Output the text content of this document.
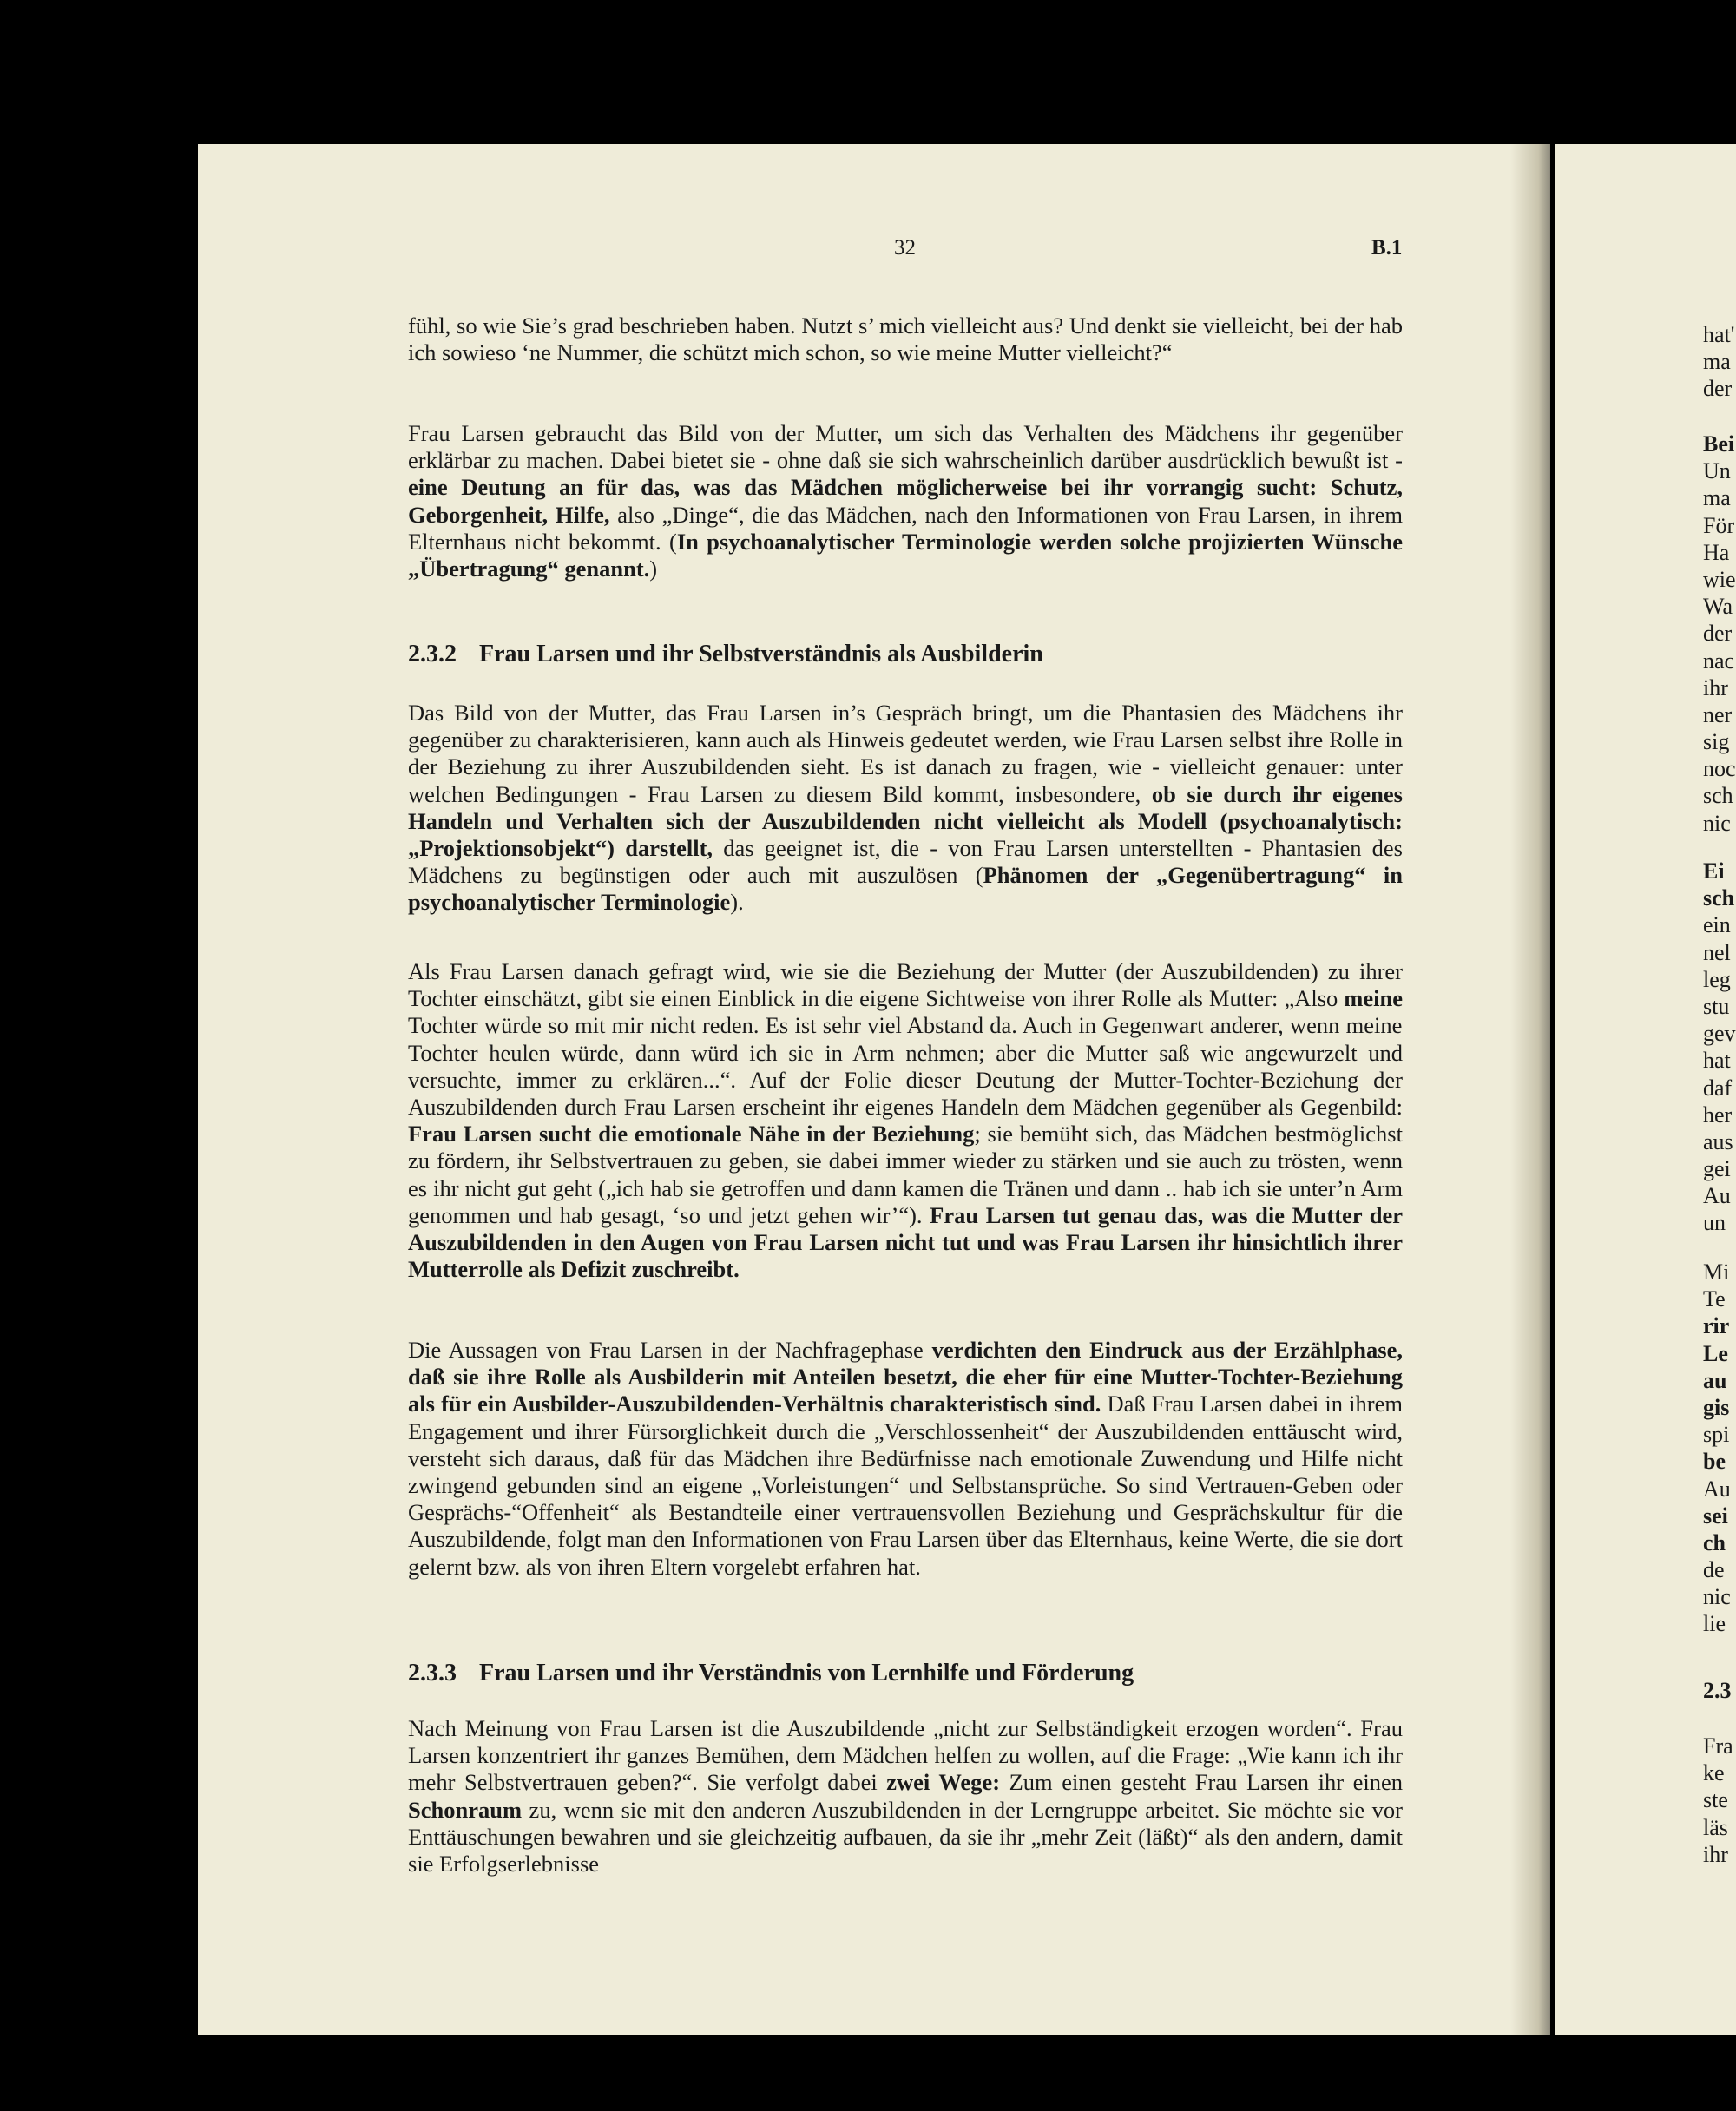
32	B.1

fühl, so wie Sie’s grad beschrieben haben. Nutzt s’ mich vielleicht aus? Und denkt sie vielleicht, bei der hab ich sowieso ‘ne Nummer, die schützt mich schon, so wie meine Mutter vielleicht?“

Frau Larsen gebraucht das Bild von der Mutter, um sich das Verhalten des Mädchens ihr gegenüber erklärbar zu machen. Dabei bietet sie - ohne daß sie sich wahrscheinlich darüber ausdrücklich bewußt ist - eine Deutung an für das, was das Mädchen möglicherweise bei ihr vorrangig sucht: Schutz, Geborgenheit, Hilfe, also „Dinge“, die das Mädchen, nach den Informationen von Frau Larsen, in ihrem Elternhaus nicht bekommt. (In psychoanalytischer Terminologie werden solche projizierten Wünsche „Übertragung“ genannt.)

2.3.2 Frau Larsen und ihr Selbstverständnis als Ausbilderin

Das Bild von der Mutter, das Frau Larsen in’s Gespräch bringt, um die Phantasien des Mädchens ihr gegenüber zu charakterisieren, kann auch als Hinweis gedeutet werden, wie Frau Larsen selbst ihre Rolle in der Beziehung zu ihrer Auszubildenden sieht. Es ist danach zu fragen, wie - vielleicht genauer: unter welchen Bedingungen - Frau Larsen zu diesem Bild kommt, insbesondere, ob sie durch ihr eigenes Handeln und Verhalten sich der Auszubildenden nicht vielleicht als Modell (psychoanalytisch: „Projektionsobjekt“) darstellt, das geeignet ist, die - von Frau Larsen unterstellten - Phantasien des Mädchens zu begünstigen oder auch mit auszulösen (Phänomen der „Gegenübertragung“ in psychoanalytischer Terminologie).

Als Frau Larsen danach gefragt wird, wie sie die Beziehung der Mutter (der Auszubildenden) zu ihrer Tochter einschätzt, gibt sie einen Einblick in die eigene Sichtweise von ihrer Rolle als Mutter: „Also meine Tochter würde so mit mir nicht reden. Es ist sehr viel Abstand da. Auch in Gegenwart anderer, wenn meine Tochter heulen würde, dann würd ich sie in Arm nehmen; aber die Mutter saß wie angewurzelt und versuchte, immer zu erklären...“. Auf der Folie dieser Deutung der Mutter-Tochter-Beziehung der Auszubildenden durch Frau Larsen erscheint ihr eigenes Handeln dem Mädchen gegenüber als Gegenbild: Frau Larsen sucht die emotionale Nähe in der Beziehung; sie bemüht sich, das Mädchen bestmöglichst zu fördern, ihr Selbstvertrauen zu geben, sie dabei immer wieder zu stärken und sie auch zu trösten, wenn es ihr nicht gut geht („ich hab sie getroffen und dann kamen die Tränen und dann .. hab ich sie unter’n Arm genommen und hab gesagt, ‘so und jetzt gehen wir’“). Frau Larsen tut genau das, was die Mutter der Auszubildenden in den Augen von Frau Larsen nicht tut und was Frau Larsen ihr hinsichtlich ihrer Mutterrolle als Defizit zuschreibt.

Die Aussagen von Frau Larsen in der Nachfragephase verdichten den Eindruck aus der Erzählphase, daß sie ihre Rolle als Ausbilderin mit Anteilen besetzt, die eher für eine Mutter-Tochter-Beziehung als für ein Ausbilder-Auszubildenden-Verhältnis charakteristisch sind. Daß Frau Larsen dabei in ihrem Engagement und ihrer Fürsorglichkeit durch die „Verschlossenheit“ der Auszubildenden enttäuscht wird, versteht sich daraus, daß für das Mädchen ihre Bedürfnisse nach emotionale Zuwendung und Hilfe nicht zwingend gebunden sind an eigene „Vorleistungen“ und Selbstansprüche. So sind Vertrauen-Geben oder Gesprächs-“Offenheit“ als Bestandteile einer vertrauensvollen Beziehung und Gesprächskultur für die Auszubildende, folgt man den Informationen von Frau Larsen über das Elternhaus, keine Werte, die sie dort gelernt bzw. als von ihren Eltern vorgelebt erfahren hat.

2.3.3 Frau Larsen und ihr Verständnis von Lernhilfe und Förderung

Nach Meinung von Frau Larsen ist die Auszubildende „nicht zur Selbständigkeit erzogen worden“. Frau Larsen konzentriert ihr ganzes Bemühen, dem Mädchen helfen zu wollen, auf die Frage: „Wie kann ich ihr mehr Selbstvertrauen geben?“. Sie verfolgt dabei zwei Wege: Zum einen gesteht Frau Larsen ihr einen Schonraum zu, wenn sie mit den anderen Auszubildenden in der Lerngruppe arbeitet. Sie möchte sie vor Enttäuschungen bewahren und sie gleichzeitig aufbauen, da sie ihr „mehr Zeit (läßt)“ als den andern, damit sie Erfolgserlebnisse

hat'
ma
der
Bei
Un
ma
För
Ha
wie
Wa
der
nac
ihr
ner
sig
noc
sch
nic
Ei
sch
ein
nel
leg
stu
gev
hat
daf
her
aus
gei
Au
un
Mi
Te
rir
Le
au
gis
spi
be
Au
sei
ch
de
nic
lie
2.3
Fra
ke
ste
läs
ihr
